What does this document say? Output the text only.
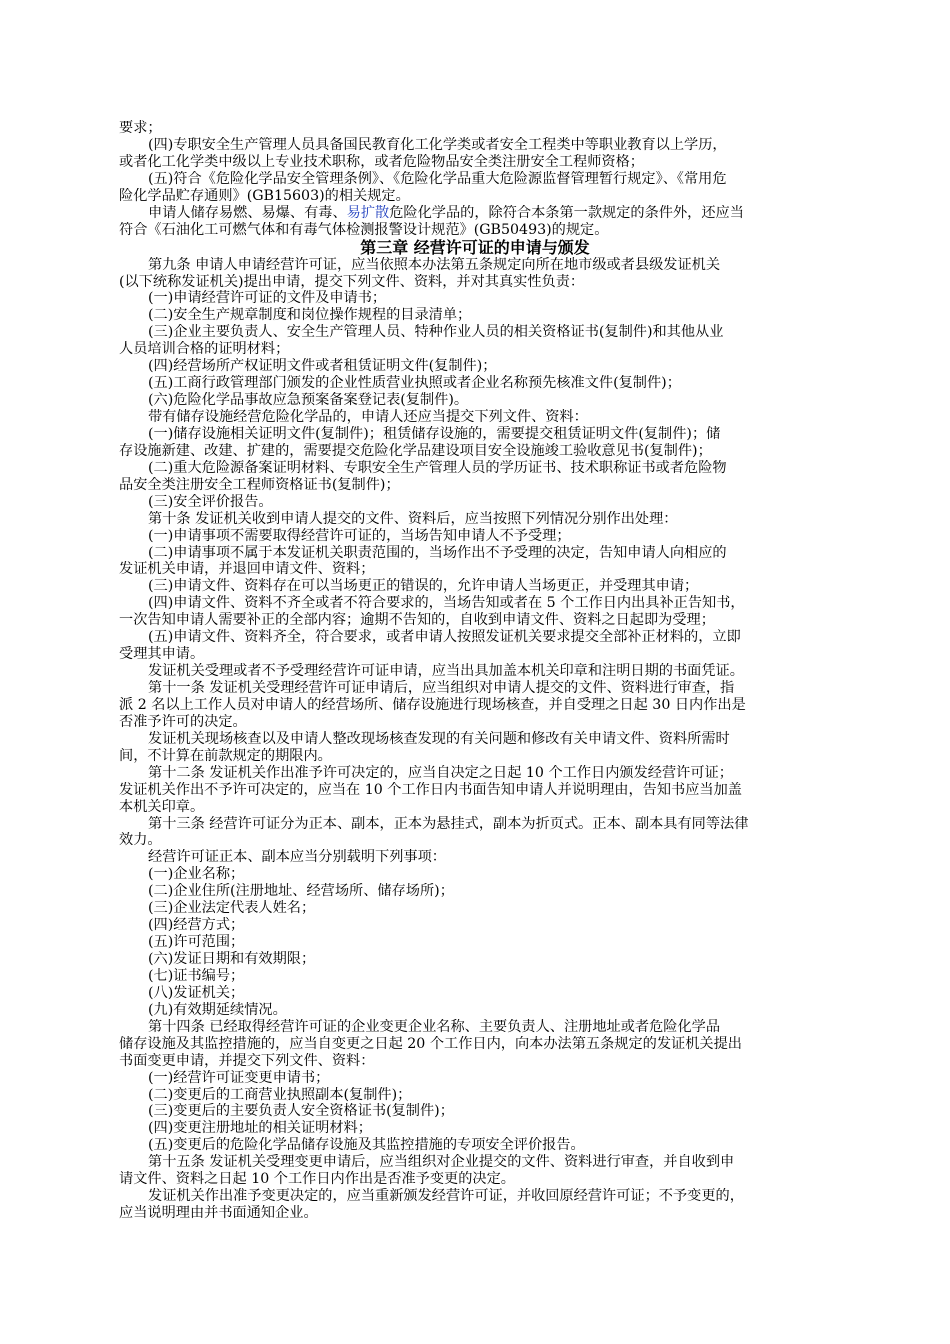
要求；
(四)专职安全生产管理人员具备国民教育化工化学类或者安全工程类中等职业教育以上学历，
或者化工化学类中级以上专业技术职称，或者危险物品安全类注册安全工程师资格；
(五)符合《危险化学品安全管理条例》、《危险化学品重大危险源监督管理暂行规定》、《常用危
险化学品贮存通则》(GB15603)的相关规定。
申请人储存易燃、易爆、有毒、易扩散危险化学品的，除符合本条第一款规定的条件外，还应当
符合《石油化工可燃气体和有毒气体检测报警设计规范》(GB50493)的规定。
第三章 经营许可证的申请与颁发
第九条 申请人申请经营许可证，应当依照本办法第五条规定向所在地市级或者县级发证机关
(以下统称发证机关)提出申请，提交下列文件、资料，并对其真实性负责：
(一)申请经营许可证的文件及申请书；
(二)安全生产规章制度和岗位操作规程的目录清单；
(三)企业主要负责人、安全生产管理人员、特种作业人员的相关资格证书(复制件)和其他从业
人员培训合格的证明材料；
(四)经营场所产权证明文件或者租赁证明文件(复制件)；
(五)工商行政管理部门颁发的企业性质营业执照或者企业名称预先核准文件(复制件)；
(六)危险化学品事故应急预案备案登记表(复制件)。
带有储存设施经营危险化学品的，申请人还应当提交下列文件、资料：
(一)储存设施相关证明文件(复制件)；租赁储存设施的，需要提交租赁证明文件(复制件)；储
存设施新建、改建、扩建的，需要提交危险化学品建设项目安全设施竣工验收意见书(复制件)；
(二)重大危险源备案证明材料、专职安全生产管理人员的学历证书、技术职称证书或者危险物
品安全类注册安全工程师资格证书(复制件)；
(三)安全评价报告。
第十条 发证机关收到申请人提交的文件、资料后，应当按照下列情况分别作出处理：
(一)申请事项不需要取得经营许可证的，当场告知申请人不予受理；
(二)申请事项不属于本发证机关职责范围的，当场作出不予受理的决定，告知申请人向相应的
发证机关申请，并退回申请文件、资料；
(三)申请文件、资料存在可以当场更正的错误的，允许申请人当场更正，并受理其申请；
(四)申请文件、资料不齐全或者不符合要求的，当场告知或者在 5 个工作日内出具补正告知书，
一次告知申请人需要补正的全部内容；逾期不告知的，自收到申请文件、资料之日起即为受理；
(五)申请文件、资料齐全，符合要求，或者申请人按照发证机关要求提交全部补正材料的，立即
受理其申请。
发证机关受理或者不予受理经营许可证申请，应当出具加盖本机关印章和注明日期的书面凭证。
第十一条 发证机关受理经营许可证申请后，应当组织对申请人提交的文件、资料进行审查，指
派 2 名以上工作人员对申请人的经营场所、储存设施进行现场核查，并自受理之日起 30 日内作出是
否准予许可的决定。
发证机关现场核查以及申请人整改现场核查发现的有关问题和修改有关申请文件、资料所需时
间，不计算在前款规定的期限内。
第十二条 发证机关作出准予许可决定的，应当自决定之日起 10 个工作日内颁发经营许可证；
发证机关作出不予许可决定的，应当在 10 个工作日内书面告知申请人并说明理由，告知书应当加盖
本机关印章。
第十三条 经营许可证分为正本、副本，正本为悬挂式，副本为折页式。正本、副本具有同等法律
效力。
经营许可证正本、副本应当分别载明下列事项：
(一)企业名称；
(二)企业住所(注册地址、经营场所、储存场所)；
(三)企业法定代表人姓名；
(四)经营方式；
(五)许可范围；
(六)发证日期和有效期限；
(七)证书编号；
(八)发证机关；
(九)有效期延续情况。
第十四条 已经取得经营许可证的企业变更企业名称、主要负责人、注册地址或者危险化学品
储存设施及其监控措施的，应当自变更之日起 20 个工作日内，向本办法第五条规定的发证机关提出
书面变更申请，并提交下列文件、资料：
(一)经营许可证变更申请书；
(二)变更后的工商营业执照副本(复制件)；
(三)变更后的主要负责人安全资格证书(复制件)；
(四)变更注册地址的相关证明材料；
(五)变更后的危险化学品储存设施及其监控措施的专项安全评价报告。
第十五条 发证机关受理变更申请后，应当组织对企业提交的文件、资料进行审查，并自收到申
请文件、资料之日起 10 个工作日内作出是否准予变更的决定。
发证机关作出准予变更决定的，应当重新颁发经营许可证，并收回原经营许可证；不予变更的，
应当说明理由并书面通知企业。
